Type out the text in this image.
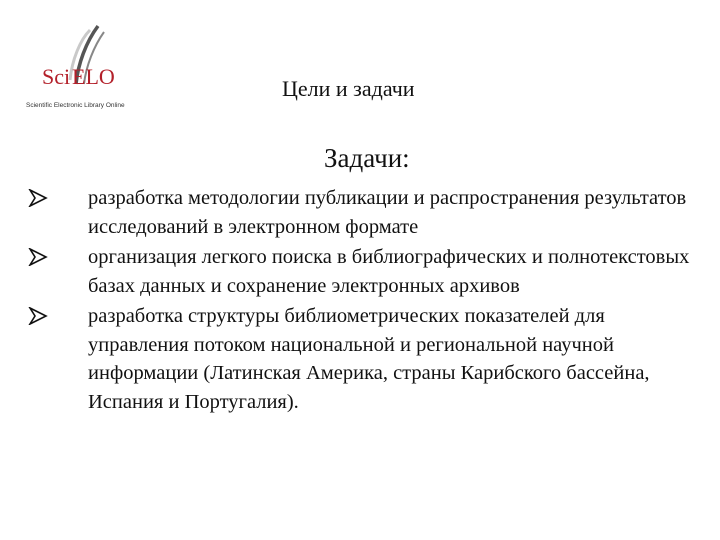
Sci ELO
Scientific Electronic Library Online
Цели и задачи
Задачи:
разработка методологии публикации и распространения результатов исследований в электронном формате
организация легкого поиска в библиографических и полнотекстовых базах данных и сохранение электронных архивов
разработка структуры библиометрических показателей для управления потоком национальной и региональной научной информации (Латинская Америка, страны Карибского бассейна, Испания и Португалия).
